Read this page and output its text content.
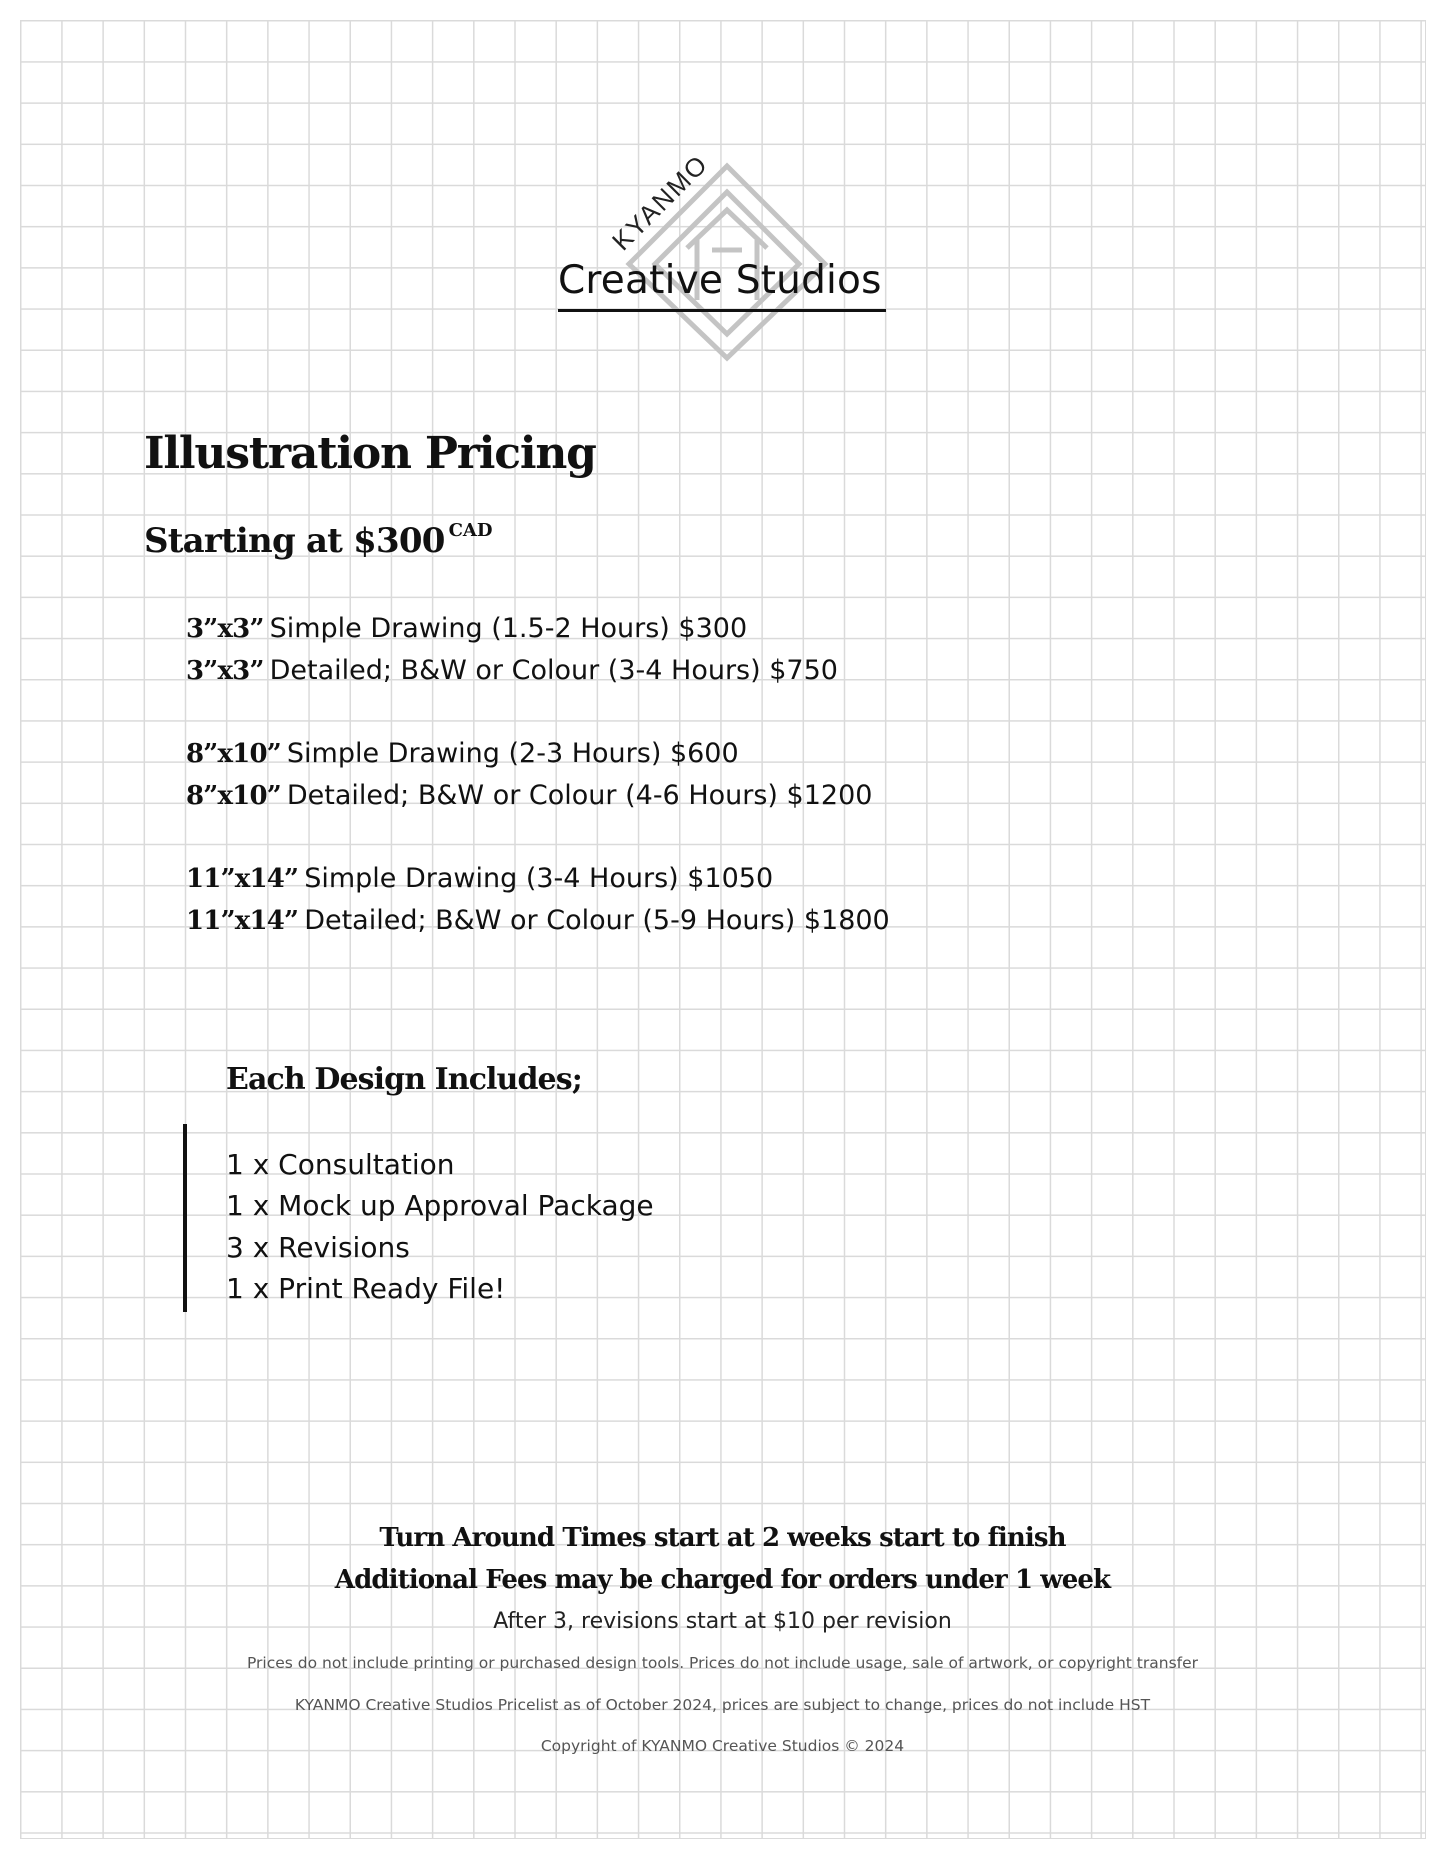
KYANMO
Creative Studios
Illustration Pricing
Starting at $300 $^{CAD}$
3”x3” Simple Drawing (1.5-2 Hours) $300
3”x3” Detailed; B&W or Colour (3-4 Hours) $750
8”x10” Simple Drawing (2-3 Hours) $600
8”x10” Detailed; B&W or Colour (4-6 Hours) $1200
11”x14” Simple Drawing (3-4 Hours) $1050
11”x14” Detailed; B&W or Colour (5-9 Hours) $1800
Each Design Includes;
1 x Consultation
1 x Mock up Approval Package
3 x Revisions
1 x Print Ready File!
Turn Around Times start at 2 weeks start to finish
Additional Fees may be charged for orders under 1 week
After 3, revisions start at $10 per revision
Prices do not include printing or purchased design tools. Prices do not include usage, sale of artwork, or copyright transfer
KYANMO Creative Studios Pricelist as of October 2024, prices are subject to change, prices do not include HST
Copyright of KYANMO Creative Studios © 2024
